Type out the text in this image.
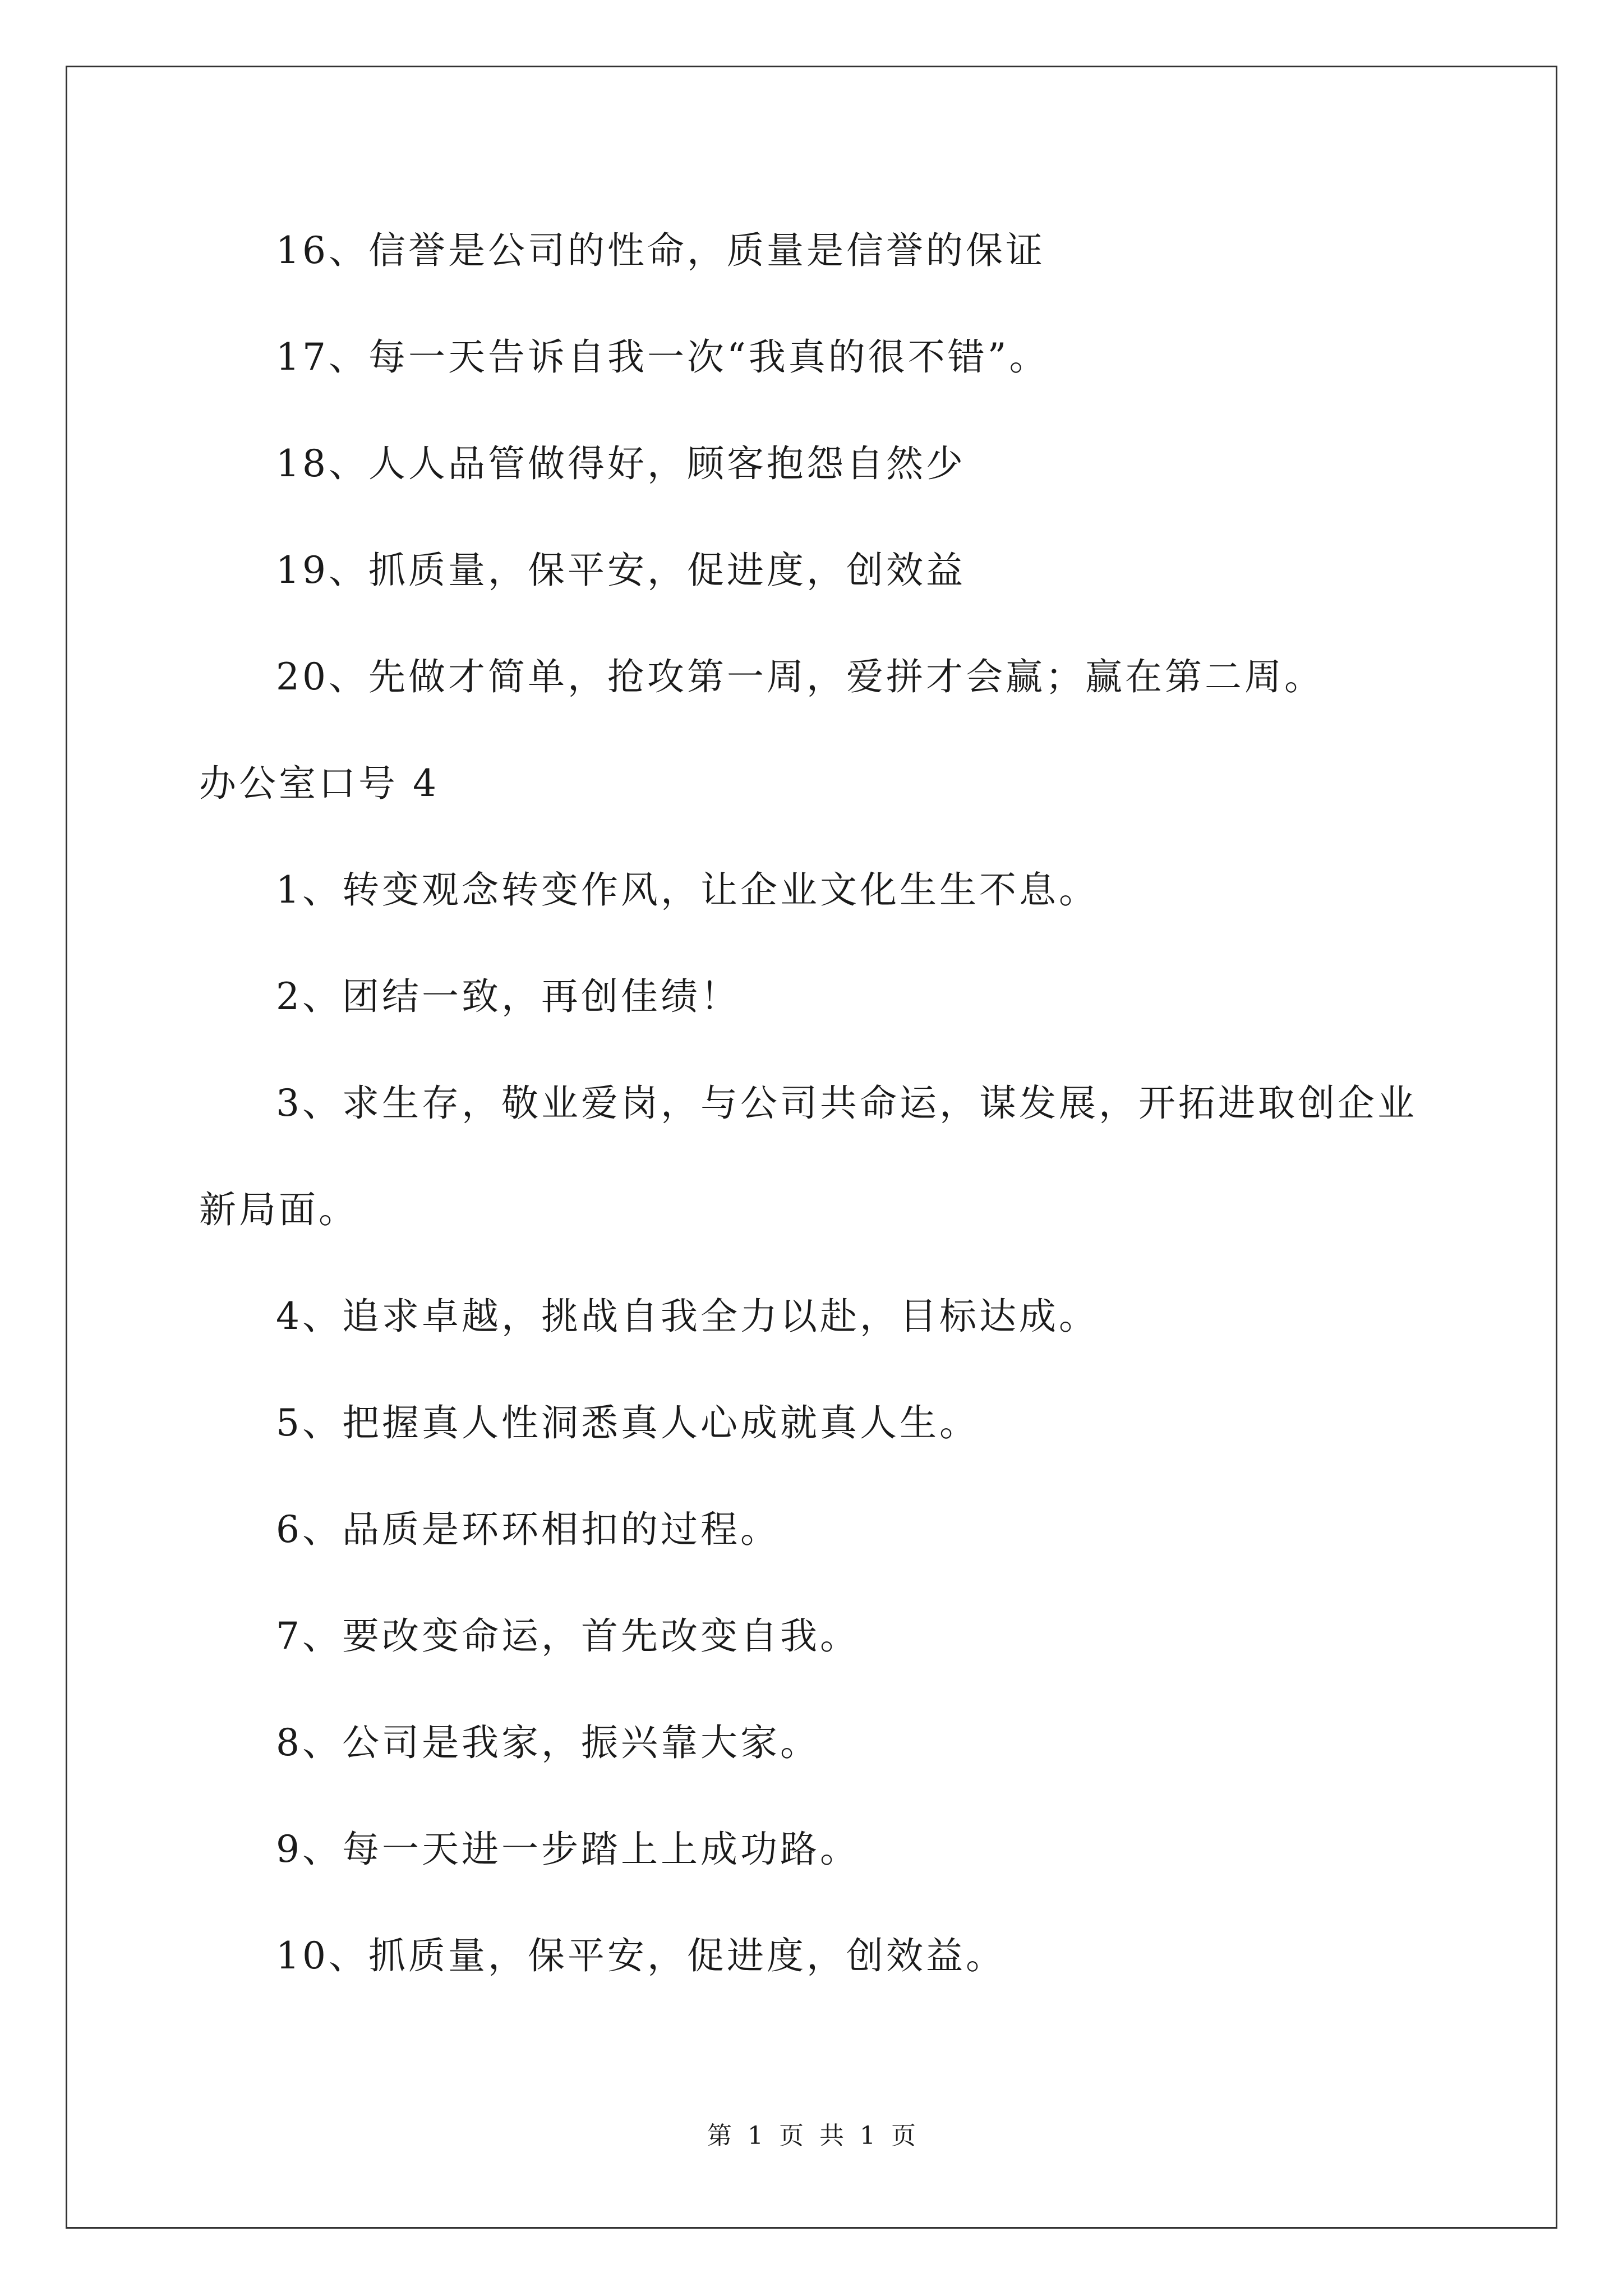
16、信誉是公司的性命，质量是信誉的保证
17、每一天告诉自我一次“我真的很不错”。
18、人人品管做得好，顾客抱怨自然少
19、抓质量，保平安，促进度，创效益
20、先做才简单，抢攻第一周，爱拼才会赢；赢在第二周。
办公室口号 4
1、转变观念转变作风，让企业文化生生不息。
2、团结一致，再创佳绩！
3、求生存，敬业爱岗，与公司共命运，谋发展，开拓进取创企业
新局面。
4、追求卓越，挑战自我全力以赴，目标达成。
5、把握真人性洞悉真人心成就真人生。
6、品质是环环相扣的过程。
7、要改变命运，首先改变自我。
8、公司是我家，振兴靠大家。
9、每一天进一步踏上上成功路。
10、抓质量，保平安，促进度，创效益。
第 1 页 共 1 页
